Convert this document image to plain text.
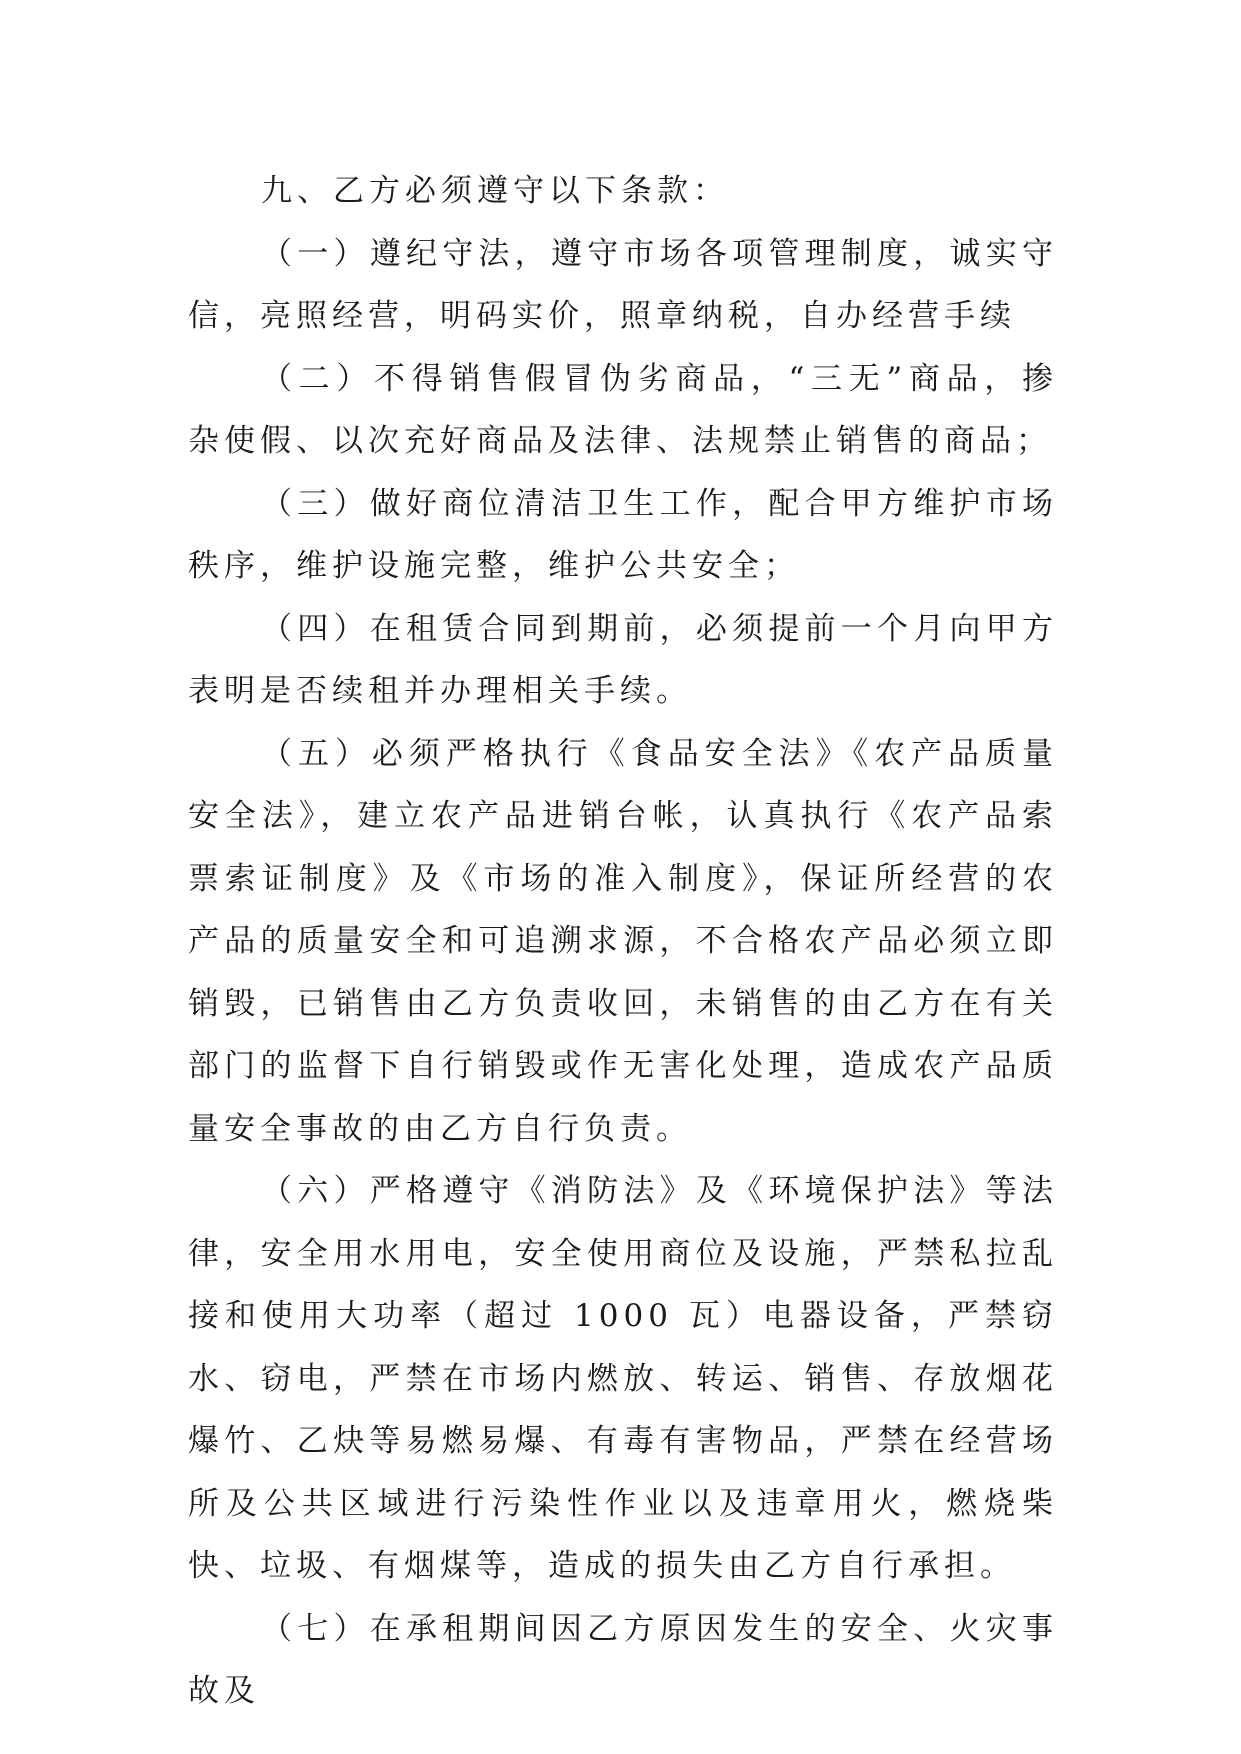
九、乙方必须遵守以下条款：

（一）遵纪守法，遵守市场各项管理制度，诚实守信，亮照经营，明码实价，照章纳税，自办经营手续

（二）不得销售假冒伪劣商品，“三无”商品，掺杂使假、以次充好商品及法律、法规禁止销售的商品；

（三）做好商位清洁卫生工作，配合甲方维护市场秩序，维护设施完整，维护公共安全；

（四）在租赁合同到期前，必须提前一个月向甲方表明是否续租并办理相关手续。

（五）必须严格执行《食品安全法》《农产品质量安全法》，建立农产品进销台帐，认真执行《农产品索票索证制度》及《市场的准入制度》，保证所经营的农产品的质量安全和可追溯求源，不合格农产品必须立即销毁，已销售由乙方负责收回，未销售的由乙方在有关部门的监督下自行销毁或作无害化处理，造成农产品质量安全事故的由乙方自行负责。

（六）严格遵守《消防法》及《环境保护法》等法律，安全用水用电，安全使用商位及设施，严禁私拉乱接和使用大功率（超过 1000 瓦）电器设备，严禁窃水、窃电，严禁在市场内燃放、转运、销售、存放烟花爆竹、乙炔等易燃易爆、有毒有害物品，严禁在经营场所及公共区域进行污染性作业以及违章用火，燃烧柴快、垃圾、有烟煤等，造成的损失由乙方自行承担。

（七）在承租期间因乙方原因发生的安全、火灾事故及
